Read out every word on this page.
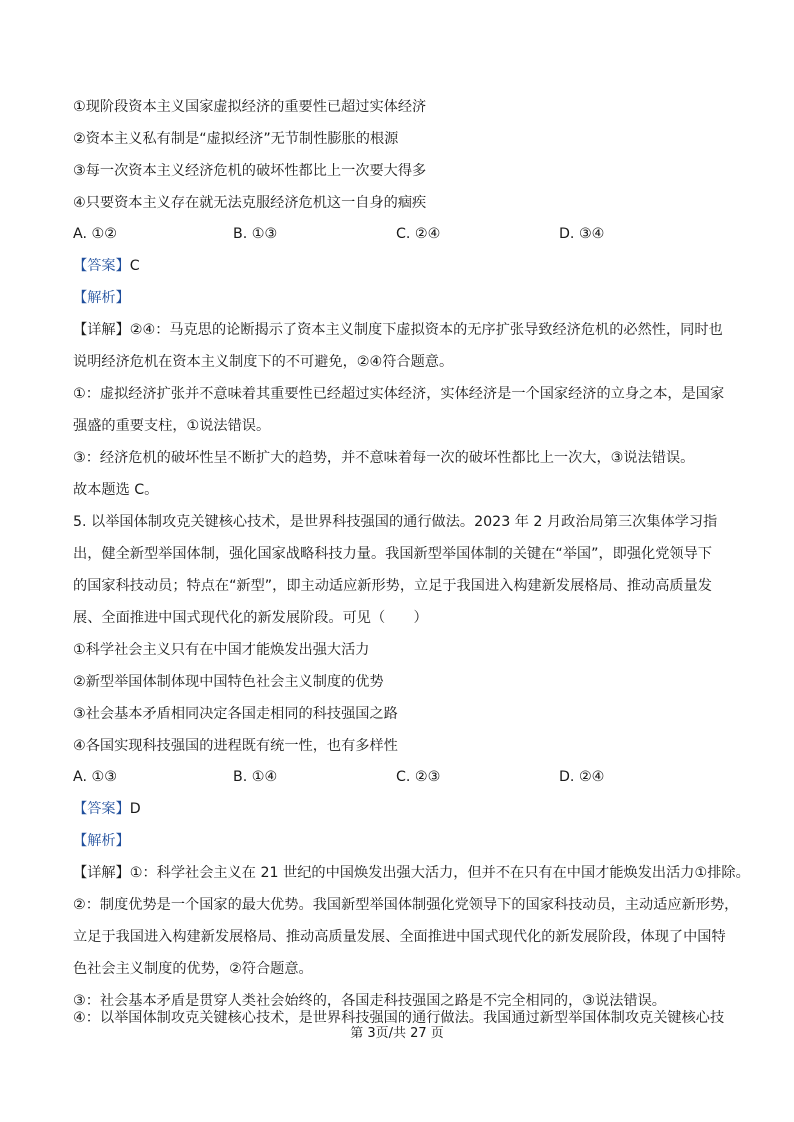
①现阶段资本主义国家虚拟经济的重要性已超过实体经济
②资本主义私有制是“虚拟经济”无节制性膨胀的根源
③每一次资本主义经济危机的破坏性都比上一次要大得多
④只要资本主义存在就无法克服经济危机这一自身的痼疾
A. ①②	B. ①③	C. ②④	D. ③④
【答案】C
【解析】
【详解】②④：马克思的论断揭示了资本主义制度下虚拟资本的无序扩张导致经济危机的必然性，同时也
说明经济危机在资本主义制度下的不可避免，②④符合题意。
①：虚拟经济扩张并不意味着其重要性已经超过实体经济，实体经济是一个国家经济的立身之本，是国家
强盛的重要支柱，①说法错误。
③：经济危机的破坏性呈不断扩大的趋势，并不意味着每一次的破坏性都比上一次大，③说法错误。
故本题选 C。
5. 以举国体制攻克关键核心技术，是世界科技强国的通行做法。2023 年 2 月政治局第三次集体学习指
出，健全新型举国体制，强化国家战略科技力量。我国新型举国体制的关键在“举国”，即强化党领导下
的国家科技动员；特点在“新型”，即主动适应新形势，立足于我国进入构建新发展格局、推动高质量发
展、全面推进中国式现代化的新发展阶段。可见（　　）
①科学社会主义只有在中国才能焕发出强大活力
②新型举国体制体现中国特色社会主义制度的优势
③社会基本矛盾相同决定各国走相同的科技强国之路
④各国实现科技强国的进程既有统一性，也有多样性
A. ①③	B. ①④	C. ②③	D. ②④
【答案】D
【解析】
【详解】①：科学社会主义在 21 世纪的中国焕发出强大活力，但并不在只有在中国才能焕发出活力①排除。
②：制度优势是一个国家的最大优势。我国新型举国体制强化党领导下的国家科技动员，主动适应新形势，
立足于我国进入构建新发展格局、推动高质量发展、全面推进中国式现代化的新发展阶段，体现了中国特
色社会主义制度的优势，②符合题意。
③：社会基本矛盾是贯穿人类社会始终的，各国走科技强国之路是不完全相同的，③说法错误。
④：以举国体制攻克关键核心技术，是世界科技强国的通行做法。我国通过新型举国体制攻克关键核心技
第 3页/共 27 页
